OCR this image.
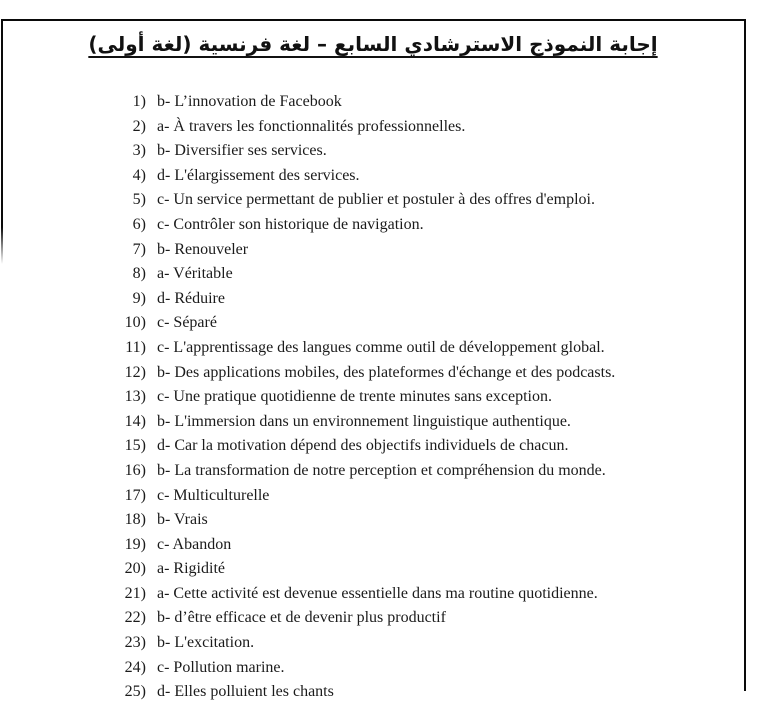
إجابة النموذج الاسترشادي السابع – لغة فرنسية (لغة أولى)
1) b- L’innovation de Facebook
2) a- À travers les fonctionnalités professionnelles.
3) b- Diversifier ses services.
4) d- L'élargissement des services.
5) c- Un service permettant de publier et postuler à des offres d'emploi.
6) c- Contrôler son historique de navigation.
7) b- Renouveler
8) a- Véritable
9) d- Réduire
10) c- Séparé
11) c- L'apprentissage des langues comme outil de développement global.
12) b- Des applications mobiles, des plateformes d'échange et des podcasts.
13) c- Une pratique quotidienne de trente minutes sans exception.
14) b- L'immersion dans un environnement linguistique authentique.
15) d- Car la motivation dépend des objectifs individuels de chacun.
16) b- La transformation de notre perception et compréhension du monde.
17) c- Multiculturelle
18) b- Vrais
19) c- Abandon
20) a- Rigidité
21) a- Cette activité est devenue essentielle dans ma routine quotidienne.
22) b- d’être efficace et de devenir plus productif
23) b- L'excitation.
24) c- Pollution marine.
25) d- Elles polluient les chants
